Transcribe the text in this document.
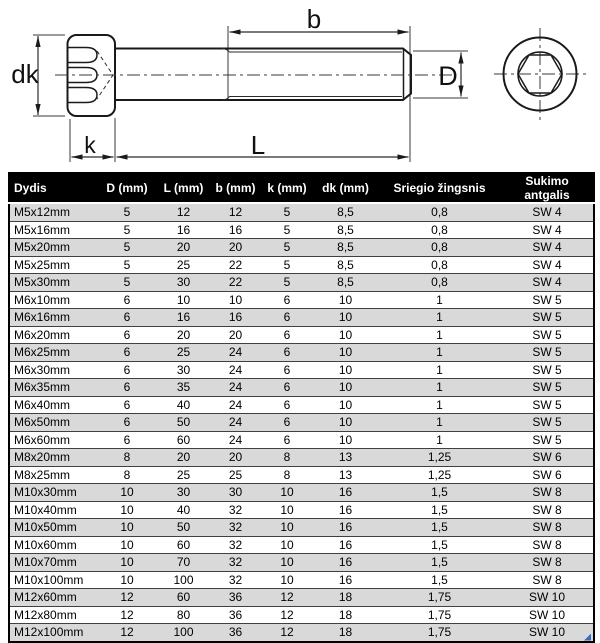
dk
k	L
b
D
Dydis	D (mm)	L (mm)	b (mm)	k (mm)	dk (mm)	Sriegio žingsnis	Sukimo antgalis
M5x12mm	5	12	12	5	8,5	0,8	SW 4
M5x16mm	5	16	16	5	8,5	0,8	SW 4
M5x20mm	5	20	20	5	8,5	0,8	SW 4
M5x25mm	5	25	22	5	8,5	0,8	SW 4
M5x30mm	5	30	22	5	8,5	0,8	SW 4
M6x10mm	6	10	10	6	10	1	SW 5
M6x16mm	6	16	16	6	10	1	SW 5
M6x20mm	6	20	20	6	10	1	SW 5
M6x25mm	6	25	24	6	10	1	SW 5
M6x30mm	6	30	24	6	10	1	SW 5
M6x35mm	6	35	24	6	10	1	SW 5
M6x40mm	6	40	24	6	10	1	SW 5
M6x50mm	6	50	24	6	10	1	SW 5
M6x60mm	6	60	24	6	10	1	SW 5
M8x20mm	8	20	20	8	13	1,25	SW 6
M8x25mm	8	25	25	8	13	1,25	SW 6
M10x30mm	10	30	30	10	16	1,5	SW 8
M10x40mm	10	40	32	10	16	1,5	SW 8
M10x50mm	10	50	32	10	16	1,5	SW 8
M10x60mm	10	60	32	10	16	1,5	SW 8
M10x70mm	10	70	32	10	16	1,5	SW 8
M10x100mm	10	100	32	10	16	1,5	SW 8
M12x60mm	12	60	36	12	18	1,75	SW 10
M12x80mm	12	80	36	12	18	1,75	SW 10
M12x100mm	12	100	36	12	18	1,75	SW 10
